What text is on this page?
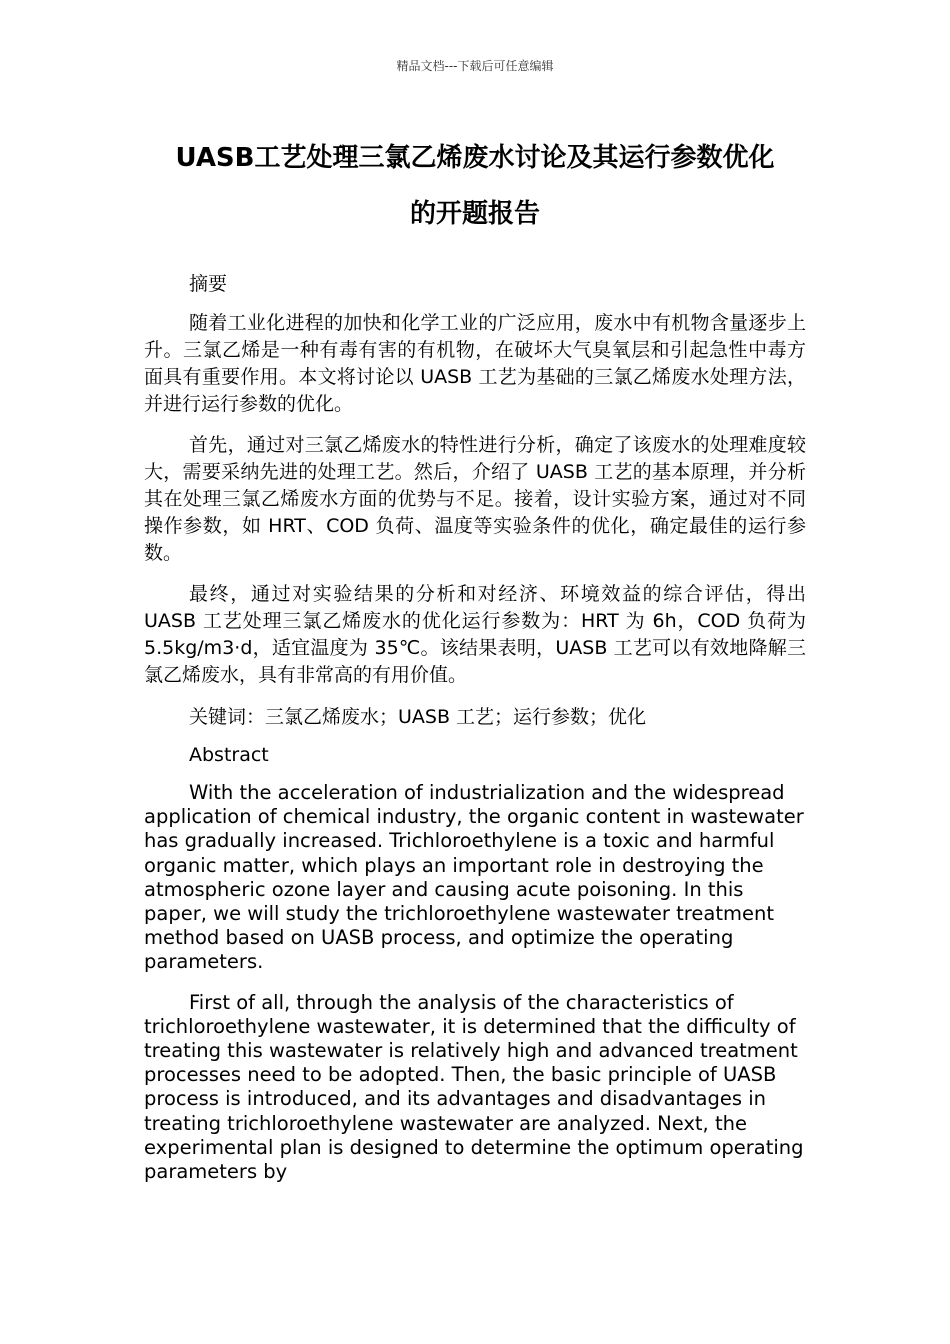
精品文档---下载后可任意编辑
UASB工艺处理三氯乙烯废水讨论及其运行参数优化
的开题报告

摘要

随着工业化进程的加快和化学工业的广泛应用，废水中有机物含量逐步上升。三氯乙烯是一种有毒有害的有机物，在破坏大气臭氧层和引起急性中毒方面具有重要作用。本文将讨论以 UASB 工艺为基础的三氯乙烯废水处理方法，并进行运行参数的优化。

首先，通过对三氯乙烯废水的特性进行分析，确定了该废水的处理难度较大，需要采纳先进的处理工艺。然后，介绍了 UASB 工艺的基本原理，并分析其在处理三氯乙烯废水方面的优势与不足。接着，设计实验方案，通过对不同操作参数，如 HRT、COD 负荷、温度等实验条件的优化，确定最佳的运行参数。

最终，通过对实验结果的分析和对经济、环境效益的综合评估，得出 UASB 工艺处理三氯乙烯废水的优化运行参数为：HRT 为 6h，COD 负荷为 5.5kg/m3·d，适宜温度为 35℃。该结果表明，UASB 工艺可以有效地降解三氯乙烯废水，具有非常高的有用价值。

关键词：三氯乙烯废水；UASB 工艺；运行参数；优化

Abstract

With the acceleration of industrialization and the widespread application of chemical industry, the organic content in wastewater has gradually increased. Trichloroethylene is a toxic and harmful organic matter, which plays an important role in destroying the atmospheric ozone layer and causing acute poisoning. In this paper, we will study the trichloroethylene wastewater treatment method based on UASB process, and optimize the operating parameters.

First of all, through the analysis of the characteristics of trichloroethylene wastewater, it is determined that the difficulty of treating this wastewater is relatively high and advanced treatment processes need to be adopted. Then, the basic principle of UASB process is introduced, and its advantages and disadvantages in treating trichloroethylene wastewater are analyzed. Next, the experimental plan is designed to determine the optimum operating parameters by
